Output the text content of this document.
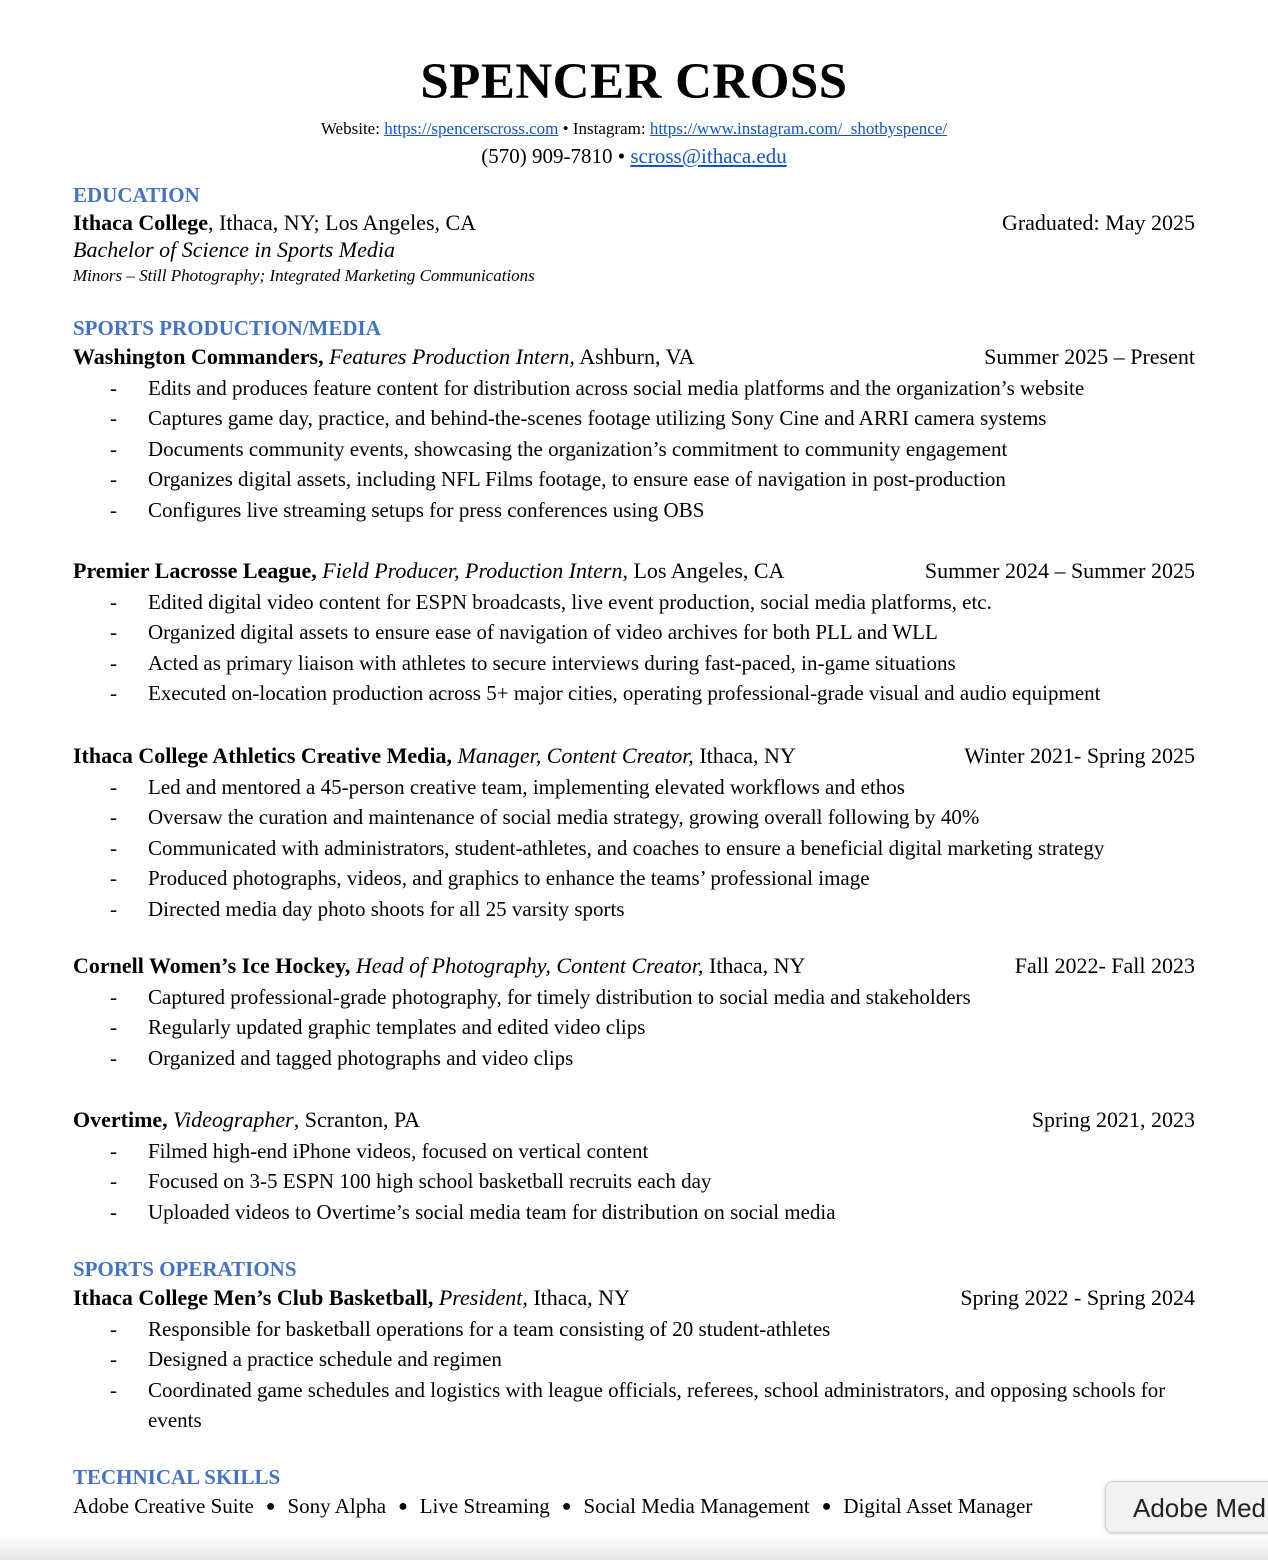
SPENCER CROSS
Website: https://spencerscross.com • Instagram: https://www.instagram.com/_shotbyspence/
(570) 909-7810 • scross@ithaca.edu
EDUCATION
Ithaca College, Ithaca, NY; Los Angeles, CA	Graduated: May 2025
Bachelor of Science in Sports Media
Minors – Still Photography; Integrated Marketing Communications
SPORTS PRODUCTION/MEDIA
Washington Commanders, Features Production Intern, Ashburn, VA	Summer 2025 – Present
- Edits and produces feature content for distribution across social media platforms and the organization’s website
- Captures game day, practice, and behind-the-scenes footage utilizing Sony Cine and ARRI camera systems
- Documents community events, showcasing the organization’s commitment to community engagement
- Organizes digital assets, including NFL Films footage, to ensure ease of navigation in post-production
- Configures live streaming setups for press conferences using OBS
Premier Lacrosse League, Field Producer, Production Intern, Los Angeles, CA	Summer 2024 – Summer 2025
- Edited digital video content for ESPN broadcasts, live event production, social media platforms, etc.
- Organized digital assets to ensure ease of navigation of video archives for both PLL and WLL
- Acted as primary liaison with athletes to secure interviews during fast-paced, in-game situations
- Executed on-location production across 5+ major cities, operating professional-grade visual and audio equipment
Ithaca College Athletics Creative Media, Manager, Content Creator, Ithaca, NY	Winter 2021- Spring 2025
- Led and mentored a 45-person creative team, implementing elevated workflows and ethos
- Oversaw the curation and maintenance of social media strategy, growing overall following by 40%
- Communicated with administrators, student-athletes, and coaches to ensure a beneficial digital marketing strategy
- Produced photographs, videos, and graphics to enhance the teams’ professional image
- Directed media day photo shoots for all 25 varsity sports
Cornell Women’s Ice Hockey, Head of Photography, Content Creator, Ithaca, NY	Fall 2022- Fall 2023
- Captured professional-grade photography, for timely distribution to social media and stakeholders
- Regularly updated graphic templates and edited video clips
- Organized and tagged photographs and video clips
Overtime, Videographer, Scranton, PA	Spring 2021, 2023
- Filmed high-end iPhone videos, focused on vertical content
- Focused on 3-5 ESPN 100 high school basketball recruits each day
- Uploaded videos to Overtime’s social media team for distribution on social media
SPORTS OPERATIONS
Ithaca College Men’s Club Basketball, President, Ithaca, NY	Spring 2022 - Spring 2024
- Responsible for basketball operations for a team consisting of 20 student-athletes
- Designed a practice schedule and regimen
- Coordinated game schedules and logistics with league officials, referees, school administrators, and opposing schools for events
TECHNICAL SKILLS
Adobe Creative Suite ● Sony Alpha ● Live Streaming ● Social Media Management ● Digital Asset Manager	Adobe Med
